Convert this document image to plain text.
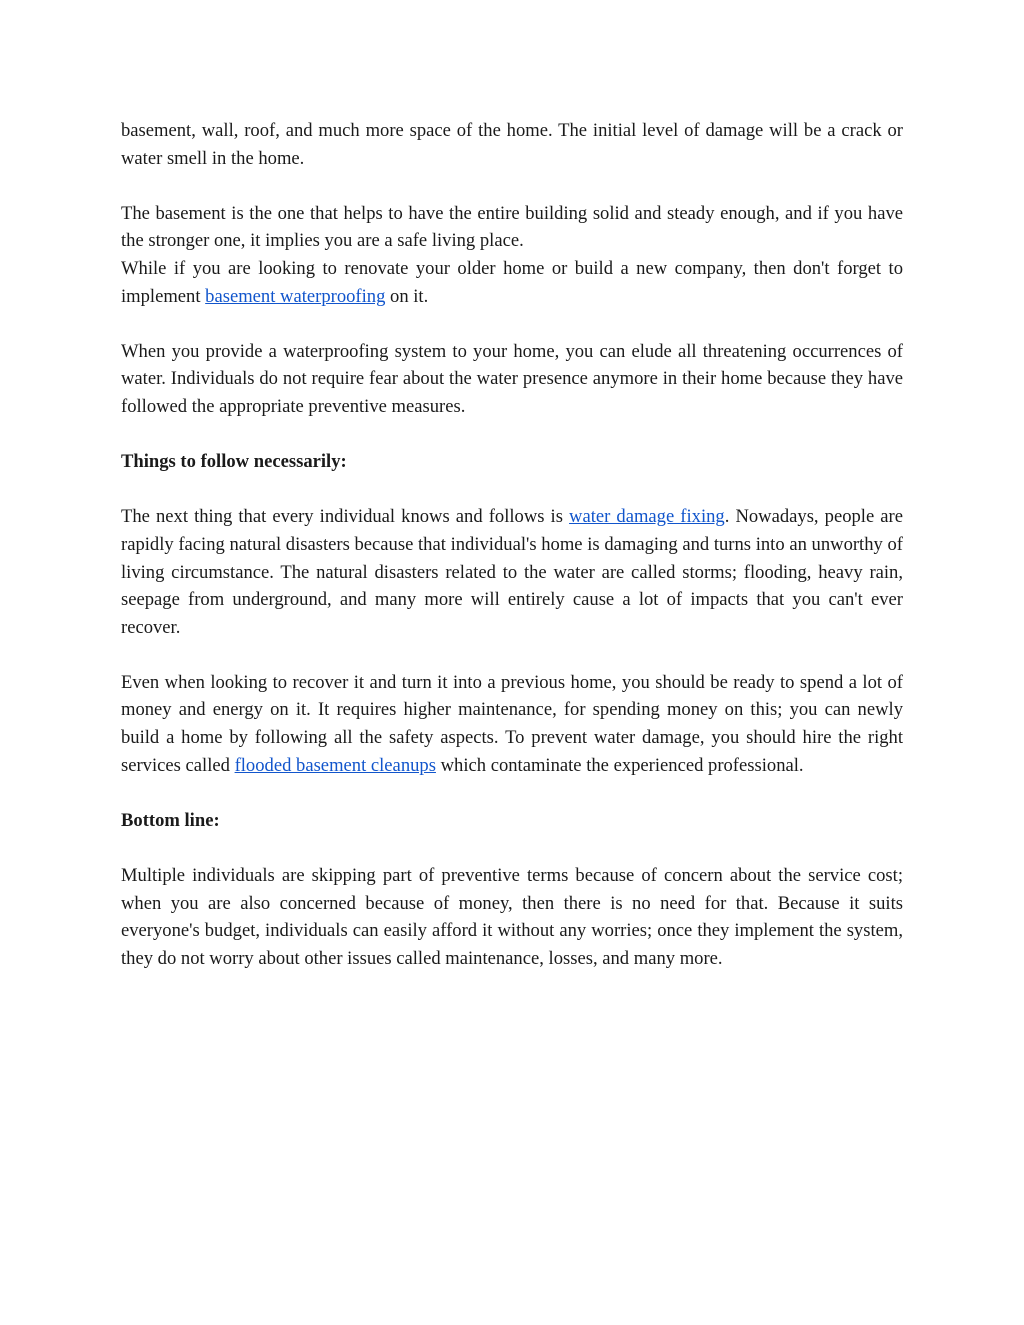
basement, wall, roof, and much more space of the home. The initial level of damage will be a crack or water smell in the home.

The basement is the one that helps to have the entire building solid and steady enough, and if you have the stronger one, it implies you are a safe living place.

While if you are looking to renovate your older home or build a new company, then don't forget to implement basement waterproofing on it.

When you provide a waterproofing system to your home, you can elude all threatening occurrences of water. Individuals do not require fear about the water presence anymore in their home because they have followed the appropriate preventive measures.

Things to follow necessarily:

The next thing that every individual knows and follows is water damage fixing. Nowadays, people are rapidly facing natural disasters because that individual's home is damaging and turns into an unworthy of living circumstance. The natural disasters related to the water are called storms; flooding, heavy rain, seepage from underground, and many more will entirely cause a lot of impacts that you can't ever recover.

Even when looking to recover it and turn it into a previous home, you should be ready to spend a lot of money and energy on it. It requires higher maintenance, for spending money on this; you can newly build a home by following all the safety aspects. To prevent water damage, you should hire the right services called flooded basement cleanups which contaminate the experienced professional.

Bottom line:

Multiple individuals are skipping part of preventive terms because of concern about the service cost; when you are also concerned because of money, then there is no need for that. Because it suits everyone's budget, individuals can easily afford it without any worries; once they implement the system, they do not worry about other issues called maintenance, losses, and many more.
